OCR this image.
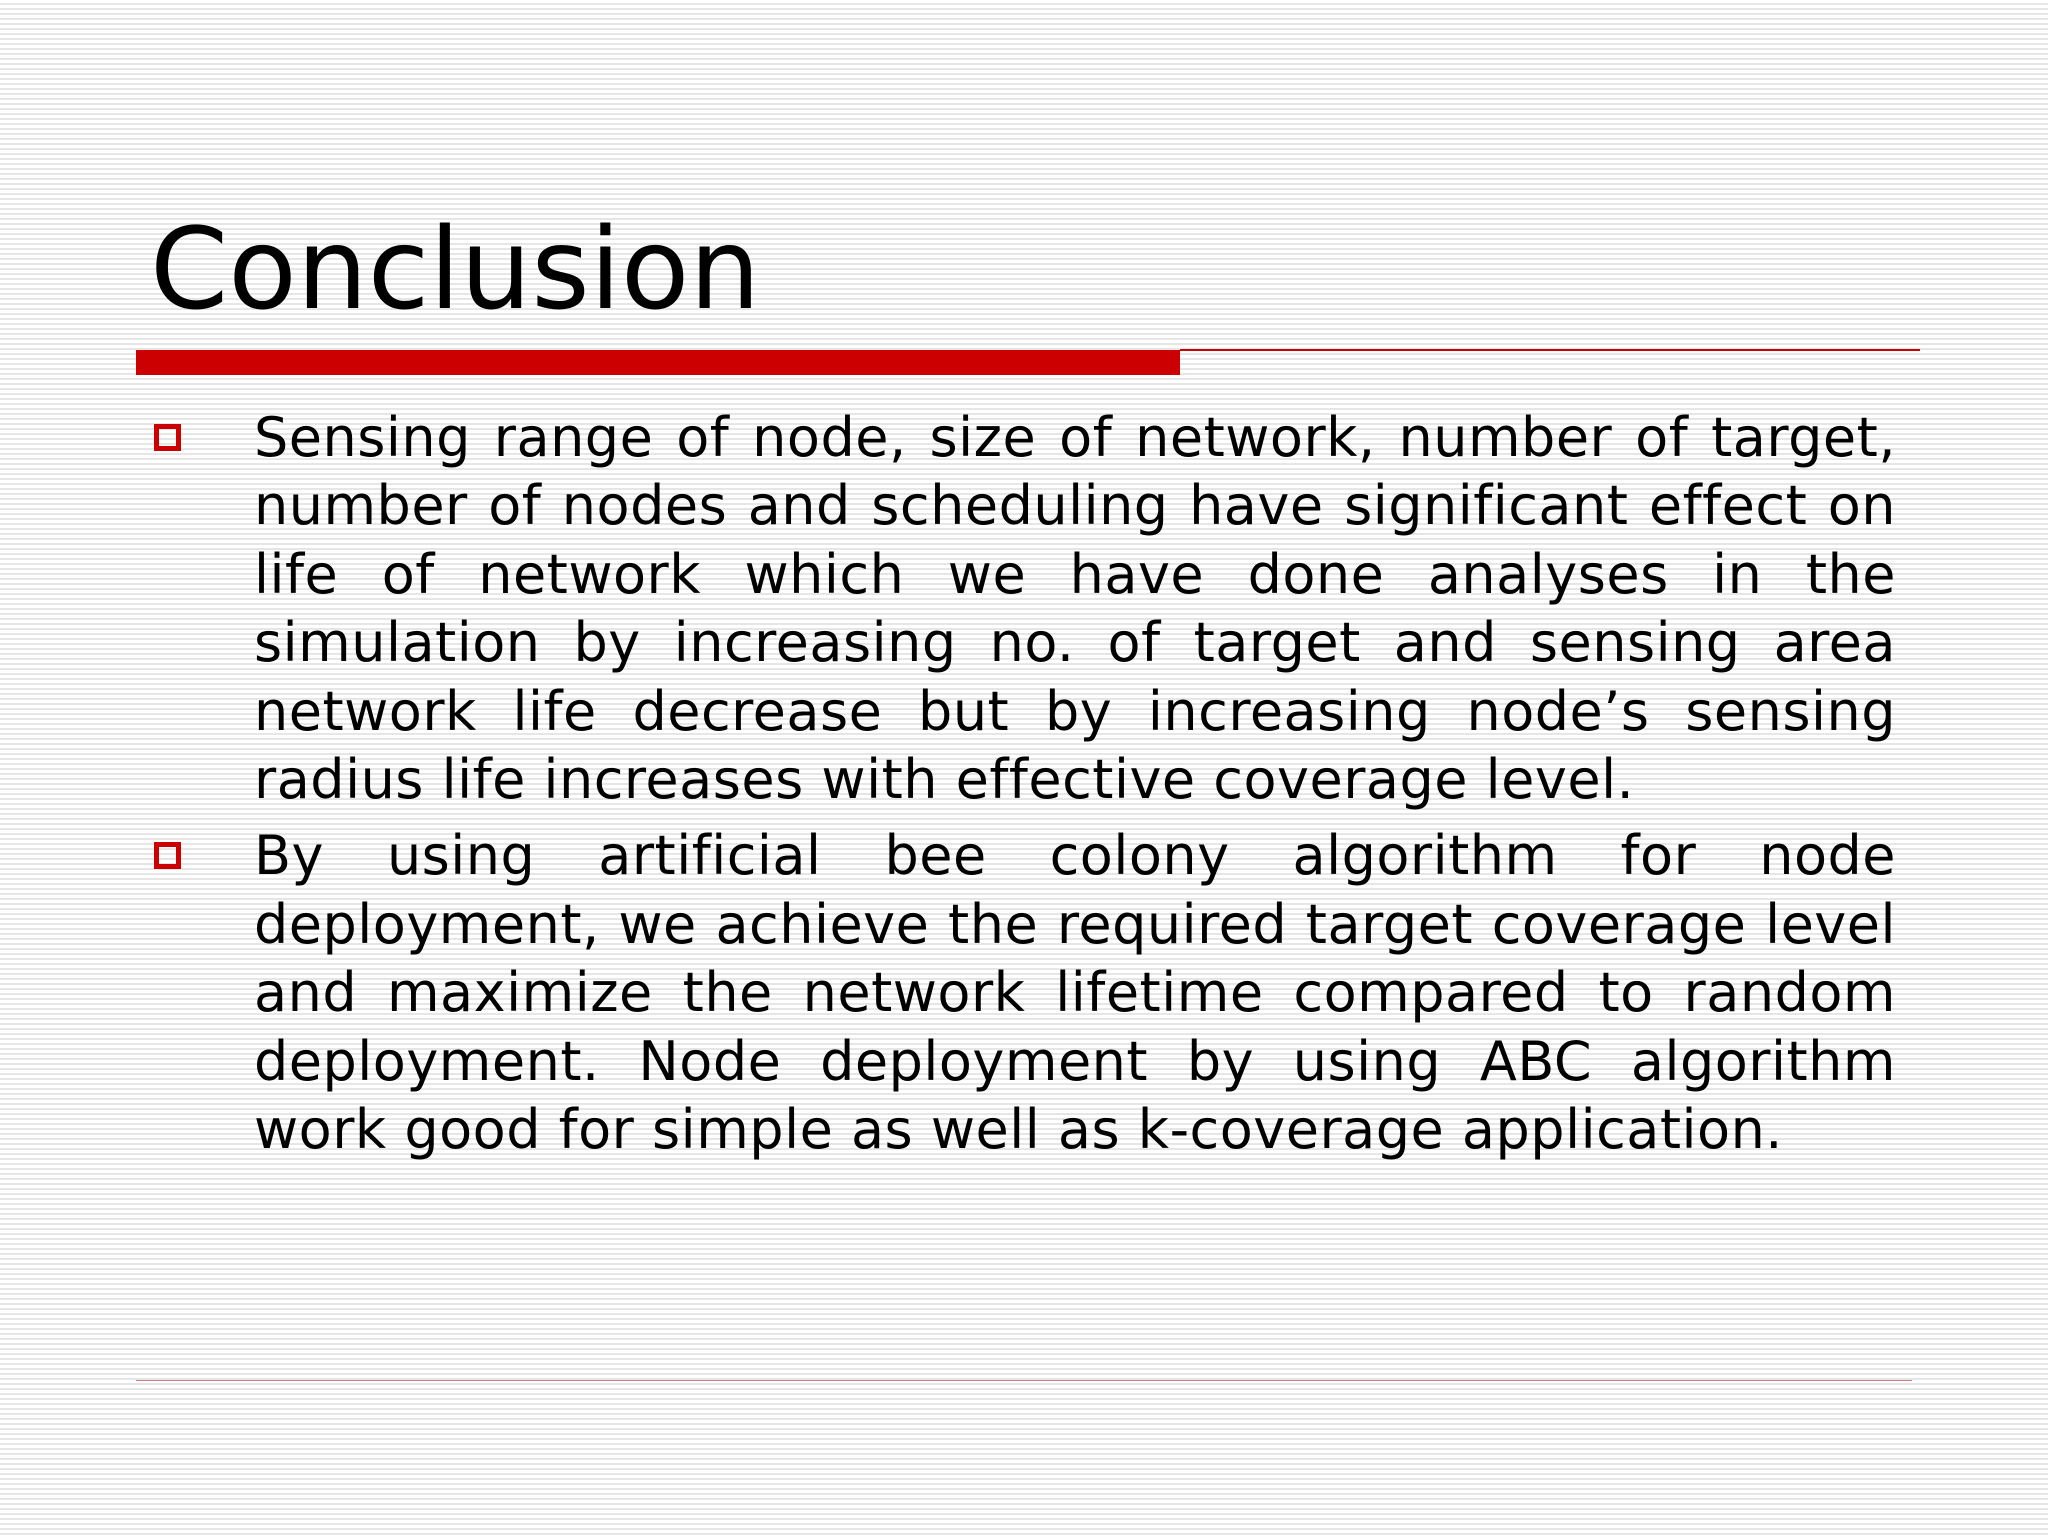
Conclusion
Sensing range of node, size of network, number of target, number of nodes and scheduling have significant effect on life of network which we have done analyses in the simulation by increasing no. of target and sensing area network life decrease but by increasing node’s sensing radius life increases with effective coverage level.
By using artificial bee colony algorithm for node deployment, we achieve the required target coverage level and maximize the network lifetime compared to random deployment. Node deployment by using ABC algorithm work good for simple as well as k-coverage application.
